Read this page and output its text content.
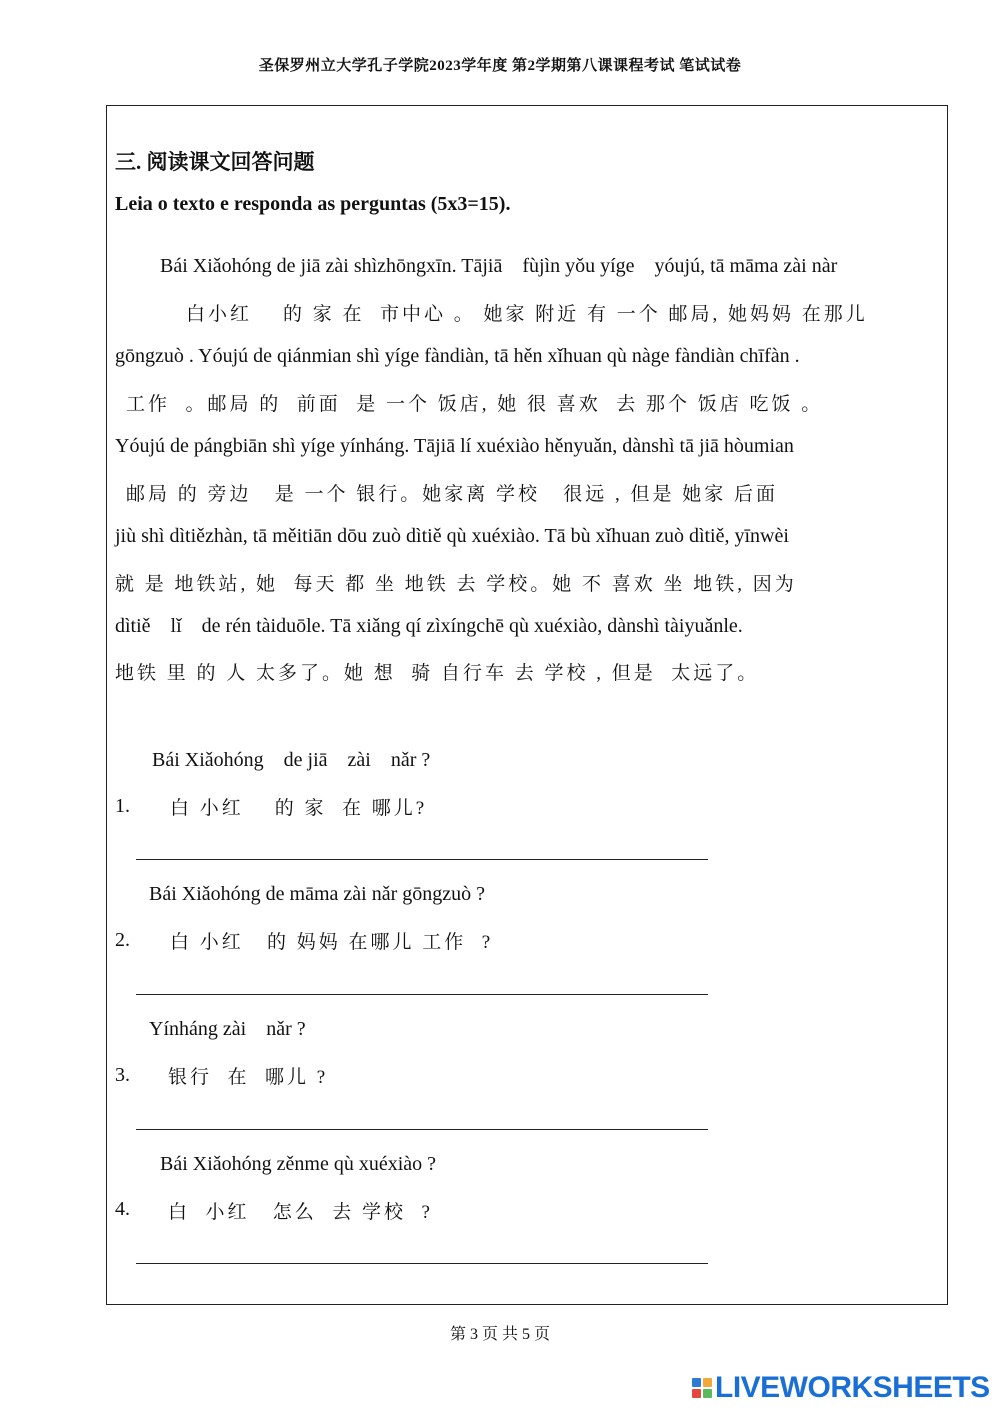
圣保罗州立大学孔子学院2023学年度 第2学期第八课课程考试 笔试试卷
三. 阅读课文回答问题
Leia o texto e responda as perguntas (5x3=15).
Bái Xiǎohóng de jiā zài shìzhōngxīn. Tājiā    fùjìn yǒu yíge    yóujú, tā māma zài nàr
白小红    的 家 在  市中心 。 她家 附近 有 一个 邮局, 她妈妈 在那儿
gōngzuò . Yóujú de qiánmian shì yíge fàndiàn, tā hěn xǐhuan qù nàge fàndiàn chīfàn .
工作  。邮局 的  前面  是 一个 饭店, 她 很 喜欢  去 那个 饭店 吃饭 。
Yóujú de pángbiān shì yíge yínháng. Tājiā lí xuéxiào hěnyuǎn, dànshì tā jiā hòumian
邮局 的 旁边   是 一个 银行。她家离 学校   很远 , 但是 她家 后面
jiù shì dìtiězhàn, tā měitiān dōu zuò dìtiě qù xuéxiào. Tā bù xǐhuan zuò dìtiě, yīnwèi
就 是 地铁站, 她  每天 都 坐 地铁 去 学校。她 不 喜欢 坐 地铁, 因为
dìtiě    lǐ    de rén tàiduōle. Tā xiǎng qí zìxíngchē qù xuéxiào, dànshì tàiyuǎnle.
地铁 里 的 人 太多了。她 想  骑 自行车 去 学校 , 但是  太远了。
Bái Xiǎohóng    de jiā    zài    nǎr ?
1. 白 小红    的 家  在 哪儿?
Bái Xiǎohóng de māma zài nǎr gōngzuò ?
2. 白 小红   的 妈妈 在哪儿 工作  ?
Yínháng zài    nǎr ?
3. 银行  在  哪儿 ?
Bái Xiǎohóng zěnme qù xuéxiào ?
4. 白  小红   怎么  去 学校  ?
第 3 页 共 5 页
LIVEWORKSHEETS
